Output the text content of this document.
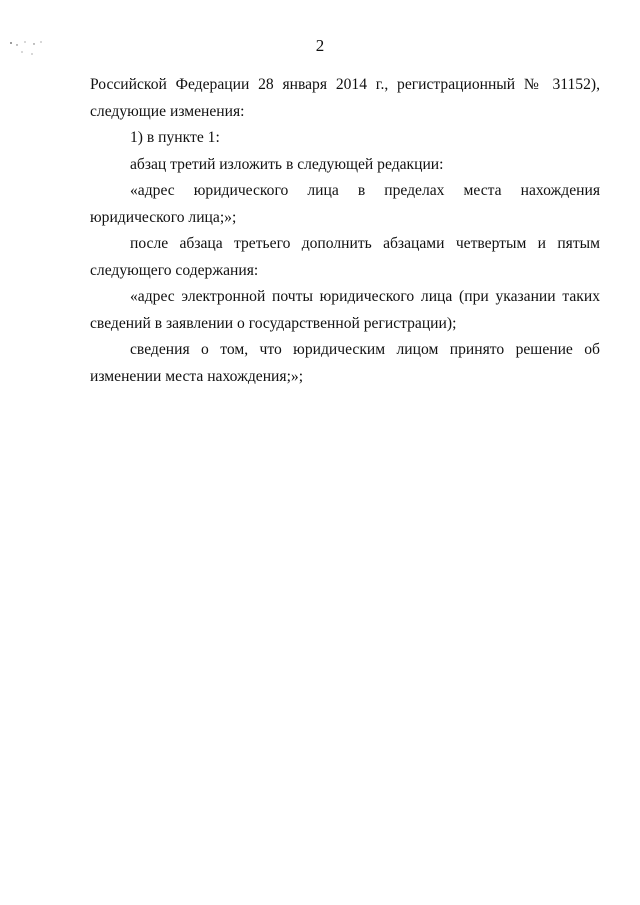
2

Российской Федерации 28 января 2014 г., регистрационный № 31152), следующие изменения:

1) в пункте 1:

абзац третий изложить в следующей редакции:

«адрес юридического лица в пределах места нахождения юридического лица;»;

после абзаца третьего дополнить абзацами четвертым и пятым следующего содержания:

«адрес электронной почты юридического лица (при указании таких сведений в заявлении о государственной регистрации);

сведения о том, что юридическим лицом принято решение об изменении места нахождения;»;
